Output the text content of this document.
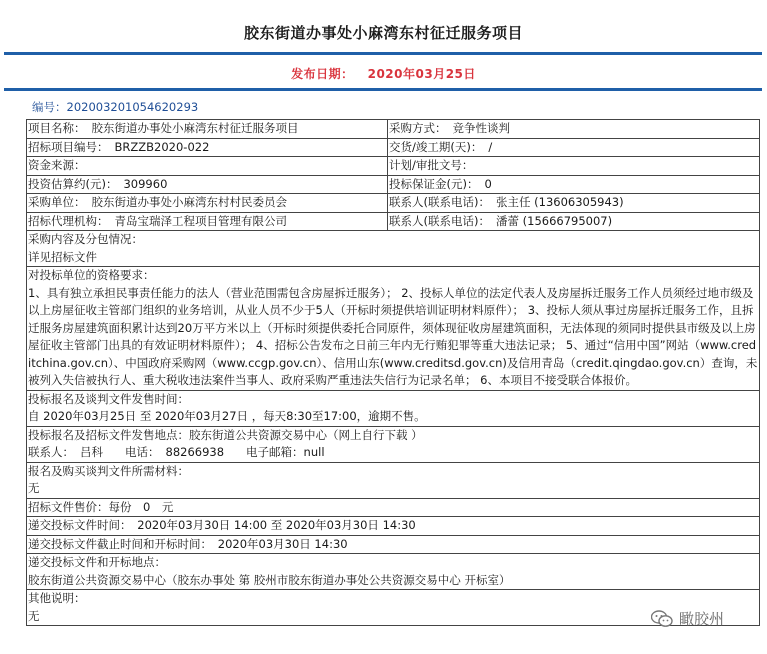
胶东街道办事处小麻湾东村征迁服务项目
发布日期： 2020年03月25日
编号：20200320105462029​3
项目名称： 胶东街道办事处小麻湾东村征迁服务项目	采购方式： 竞争性谈判
招标项目编号： BRZZB2020-022	交货/竣工期(天)： /
资金来源：	计划/审批文号：
投资估算约(元)： 309960	投标保证金(元)： 0
采购单位： 胶东街道办事处小麻湾东村村民委员会	联系人(联系电话)： 张主任 (13606305943)
招标代理机构： 青岛宝瑞泽工程项目管理有限公司	联系人(联系电话)： 潘蕾 (15666795007)

采购内容及分包情况：
详见招标文件	

对投标单位的资格要求：
1、具有独立承担民事责任能力的法人（营业范围需包含房屋拆迁服务）； 2、投标人单位的法定代表人及房屋拆迁服务工作人员须经过地市级及以上房屋征收主管部门组织的业务培训，从业人员不少于5人（开标时须提供培训证明材料原件）； 3、投标人须从事过房屋拆迁服务工作，且拆迁服务房屋建筑面积累计达到20万平方米以上（开标时须提供委托合同原件，须体现征收房屋建筑面积，无法体现的须同时提供县市级及以上房屋征收主管部门出具的有效证明材料原件）； 4、招标公告发布之日前三年内无行贿犯罪等重大违法记录； 5、通过“信用中国”网站（www.creditchina.gov.cn）、中国政府采购网（www.ccgp.gov.cn）、信用山东(www.creditsd.gov.cn)及信用青岛（credit.qingdao.gov.cn）查询，未被列入失信被执行人、重大税收违法案件当事人、政府采购严重违法失信行为记录名单； 6、本项目不接受联合体报价。	

投标报名及谈判文件发售时间：
自 2020年03月25日 至 2020年03月27日 ，每天8:30至17:00，逾期不售。	

投标报名及招标文件发售地点：胶东街道公共资源交易中心（网上自行下载 ）
联系人： 吕科 电话： 88266938 电子邮箱：null	

报名及购买谈判文件所需材料：
无	

招标文件售价：每份　0　元	
递交投标文件时间：　2020年03月30日 14:00 至 2020年03月30日 14:30	
递交投标文件截止时间和开标时间：　2020年03月30日 14:30	

递交投标文件和开标地点：
胶东街道公共资源交易中心（胶东办事处 第 胶州市胶东街道办事处公共资源交易中心 开标室）	

其他说明：
无		瞰胶州
